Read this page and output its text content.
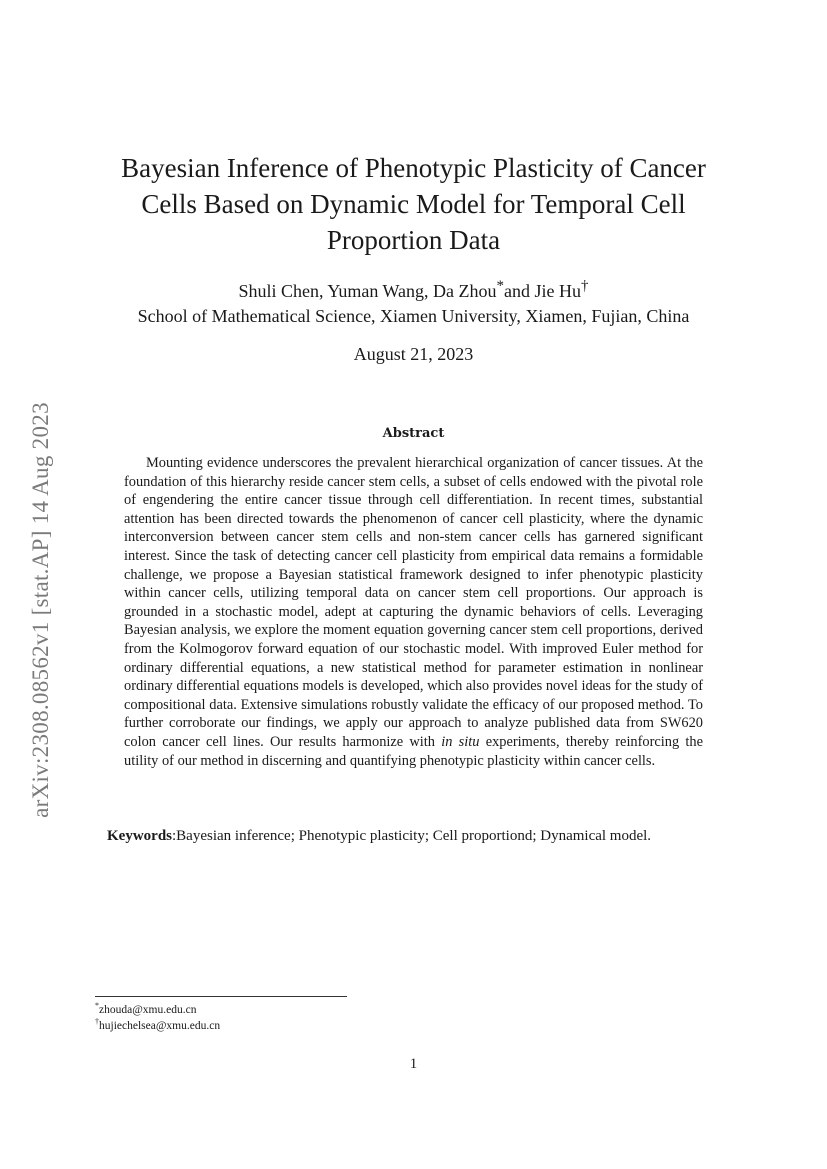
arXiv:2308.08562v1 [stat.AP] 14 Aug 2023
Bayesian Inference of Phenotypic Plasticity of Cancer Cells Based on Dynamic Model for Temporal Cell Proportion Data
Shuli Chen, Yuman Wang, Da Zhou*and Jie Hu†
School of Mathematical Science, Xiamen University, Xiamen, Fujian, China
August 21, 2023
Abstract

Mounting evidence underscores the prevalent hierarchical organization of cancer tissues. At the foundation of this hierarchy reside cancer stem cells, a subset of cells endowed with the pivotal role of engendering the entire cancer tissue through cell differentiation. In recent times, substantial attention has been directed towards the phenomenon of cancer cell plasticity, where the dynamic interconversion between cancer stem cells and non-stem cancer cells has garnered significant interest. Since the task of detecting cancer cell plasticity from empirical data remains a formidable challenge, we propose a Bayesian statistical framework designed to infer phenotypic plasticity within cancer cells, utilizing temporal data on cancer stem cell proportions. Our approach is grounded in a stochastic model, adept at capturing the dynamic behaviors of cells. Leveraging Bayesian analysis, we explore the moment equation governing cancer stem cell proportions, derived from the Kolmogorov forward equation of our stochastic model. With improved Euler method for ordinary differential equations, a new statistical method for parameter estimation in nonlinear ordinary differential equations models is developed, which also provides novel ideas for the study of compositional data. Extensive simulations robustly validate the efficacy of our proposed method. To further corroborate our findings, we apply our approach to analyze published data from SW620 colon cancer cell lines. Our results harmonize with in situ experiments, thereby reinforcing the utility of our method in discerning and quantifying phenotypic plasticity within cancer cells.

Keywords:Bayesian inference; Phenotypic plasticity; Cell proportiond; Dynamical model.
*zhouda@xmu.edu.cn
†hujiechelsea@xmu.edu.cn
1
